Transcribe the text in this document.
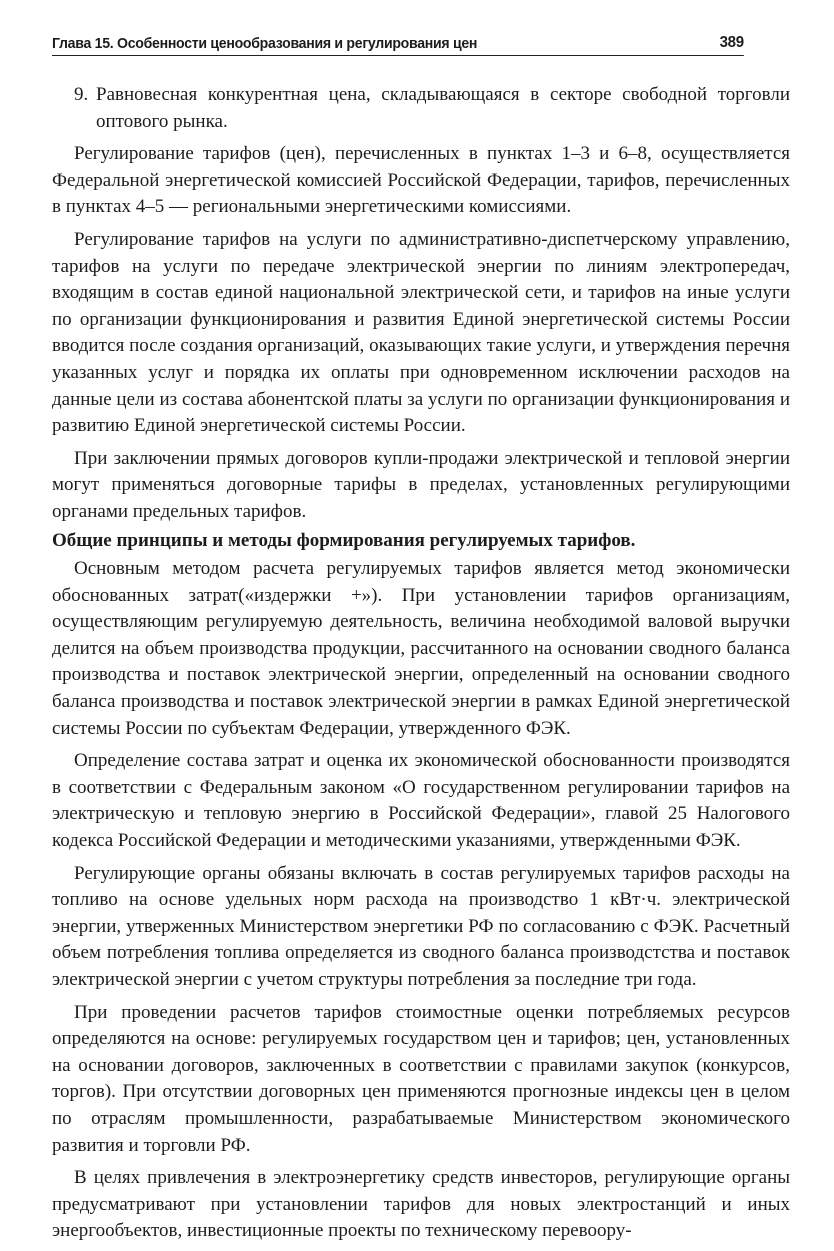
Глава 15. Особенности ценообразования и регулирования цен	389

9. Равновесная конкурентная цена, складывающаяся в секторе свободной торговли оптового рынка.

Регулирование тарифов (цен), перечисленных в пунктах 1–3 и 6–8, осуществляется Федеральной энергетической комиссией Российской Федерации, тарифов, перечисленных в пунктах 4–5 — региональными энергетическими комиссиями.

Регулирование тарифов на услуги по административно-диспетчерскому управлению, тарифов на услуги по передаче электрической энергии по линиям электропередач, входящим в состав единой национальной электрической сети, и тарифов на иные услуги по организации функционирования и развития Единой энергетической системы России вводится после создания организаций, оказывающих такие услуги, и утверждения перечня указанных услуг и порядка их оплаты при одновременном исключении расходов на данные цели из состава абонентской платы за услуги по организации функционирования и развитию Единой энергетической системы России.

При заключении прямых договоров купли-продажи электрической и тепловой энергии могут применяться договорные тарифы в пределах, установленных регулирующими органами предельных тарифов.

Общие принципы и методы формирования регулируемых тарифов.

Основным методом расчета регулируемых тарифов является метод экономически обоснованных затрат(«издержки +»). При установлении тарифов организациям, осуществляющим регулируемую деятельность, величина необходимой валовой выручки делится на объем производства продукции, рассчитанного на основании сводного баланса производства и поставок электрической энергии, определенный на основании сводного баланса производства и поставок электрической энергии в рамках Единой энергетической системы России по субъектам Федерации, утвержденного ФЭК.

Определение состава затрат и оценка их экономической обоснованности производятся в соответствии с Федеральным законом «О государственном регулировании тарифов на электрическую и тепловую энергию в Российской Федерации», главой 25 Налогового кодекса Российской Федерации и методическими указаниями, утвержденными ФЭК.

Регулирующие органы обязаны включать в состав регулируемых тарифов расходы на топливо на основе удельных норм расхода на производство 1 кВт·ч. электрической энергии, утверженных Министерством энергетики РФ по согласованию с ФЭК. Расчетный объем потребления топлива определяется из сводного баланса производстства и поставок электрической энергии с учетом структуры потребления за последние три года.

При проведении расчетов тарифов стоимостные оценки потребляемых ресурсов определяются на основе: регулируемых государством цен и тарифов; цен, установленных на основании договоров, заключенных в соответствии с правилами закупок (конкурсов, торгов). При отсутствии договорных цен применяются прогнозные индексы цен в целом по отраслям промышленности, разрабатываемые Министерством экономического развития и торговли РФ.

В целях привлечения в электроэнергетику средств инвесторов, регулирующие органы предусматривают при установлении тарифов для новых электростанций и иных энергообъектов, инвестиционные проекты по техническому перевоору-
